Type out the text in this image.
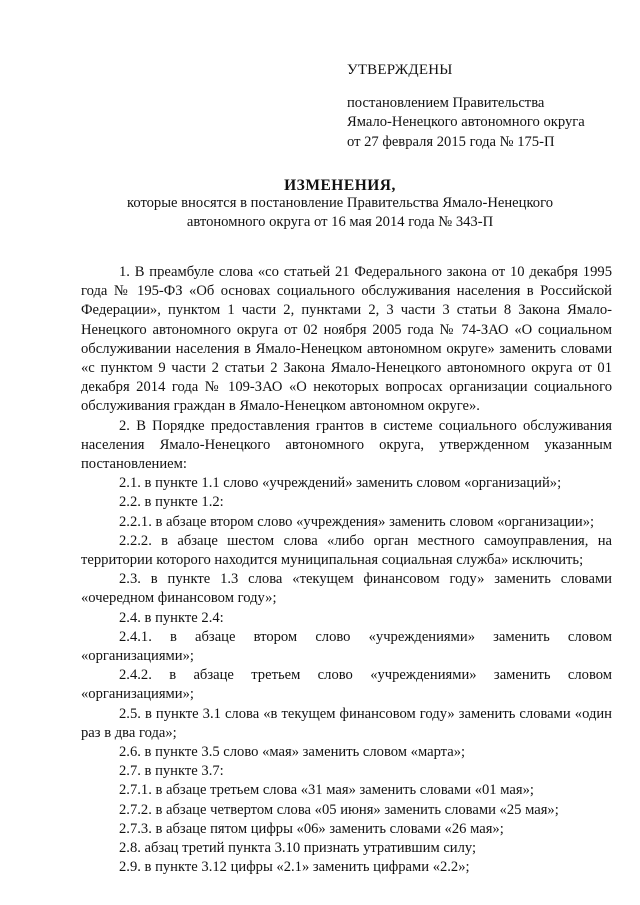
УТВЕРЖДЕНЫ
постановлением Правительства
Ямало-Ненецкого автономного округа
от 27 февраля 2015 года № 175-П
ИЗМЕНЕНИЯ,
которые вносятся в постановление Правительства Ямало-Ненецкого
автономного округа от 16 мая 2014 года № 343-П
1. В преамбуле слова «со статьей 21 Федерального закона от 10 декабря 1995 года № 195-ФЗ «Об основах социального обслуживания населения в Российской Федерации», пунктом 1 части 2, пунктами 2, 3 части 3 статьи 8 Закона Ямало-Ненецкого автономного округа от 02 ноября 2005 года № 74-ЗАО «О социальном обслуживании населения в Ямало-Ненецком автономном округе» заменить словами «с пунктом 9 части 2 статьи 2 Закона Ямало-Ненецкого автономного округа от 01 декабря 2014 года № 109-ЗАО «О некоторых вопросах организации социального обслуживания граждан в Ямало-Ненецком автономном округе».
2. В Порядке предоставления грантов в системе социального обслуживания населения Ямало-Ненецкого автономного округа, утвержденном указанным постановлением:
2.1. в пункте 1.1 слово «учреждений» заменить словом «организаций»;
2.2. в пункте 1.2:
2.2.1. в абзаце втором слово «учреждения» заменить словом «организации»;
2.2.2. в абзаце шестом слова «либо орган местного самоуправления, на территории которого находится муниципальная социальная служба» исключить;
2.3. в пункте 1.3 слова «текущем финансовом году» заменить словами «очередном финансовом году»;
2.4. в пункте 2.4:
2.4.1. в абзаце втором слово «учреждениями» заменить словом «организациями»;
2.4.2. в абзаце третьем слово «учреждениями» заменить словом «организациями»;
2.5. в пункте 3.1 слова «в текущем финансовом году» заменить словами «один раз в два года»;
2.6. в пункте 3.5 слово «мая» заменить словом «марта»;
2.7. в пункте 3.7:
2.7.1. в абзаце третьем слова «31 мая» заменить словами «01 мая»;
2.7.2. в абзаце четвертом слова «05 июня» заменить словами «25 мая»;
2.7.3. в абзаце пятом цифры «06» заменить словами «26 мая»;
2.8. абзац третий пункта 3.10 признать утратившим силу;
2.9. в пункте 3.12 цифры «2.1» заменить цифрами «2.2»;
